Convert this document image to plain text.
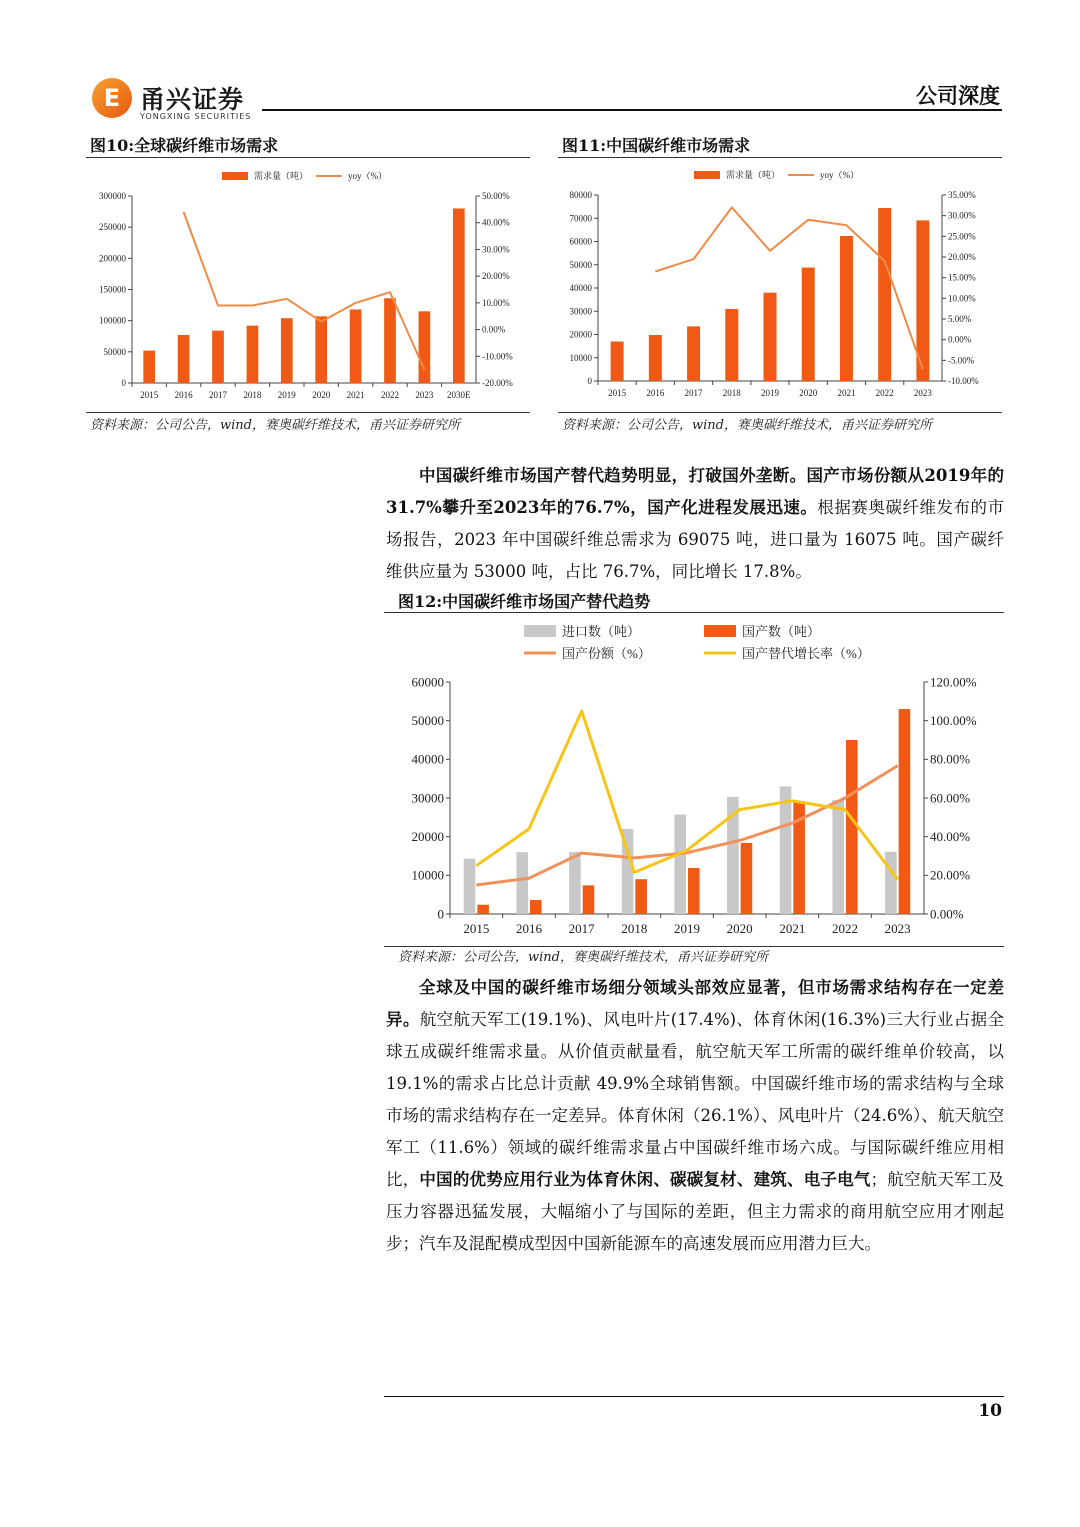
E 甬兴证券
YONGXING SECURITIES
公司深度
图10:全球碳纤维市场需求
0
50000
100000
150000
200000
250000
300000
-20.00%
-10.00%
0.00%
10.00%
20.00%
30.00%
40.00%
50.00%
2015 2016 2017 2018 2019 2020 2021 2022 2023 2030E
需求量（吨）	yoy（%）
资料来源：公司公告，wind，赛奥碳纤维技术，甬兴证券研究所
图11:中国碳纤维市场需求
0
10000
20000
30000
40000
50000
60000
70000
80000
-10.00%
-5.00%
0.00%
5.00%
10.00%
15.00%
20.00%
25.00%
30.00%
35.00%
2015 2016 2017 2018 2019 2020 2021 2022 2023
需求量（吨）	yoy（%）
资料来源：公司公告，wind，赛奥碳纤维技术，甬兴证券研究所
中国碳纤维市场国产替代趋势明显，打破国外垄断。国产市场份额从2019年的31.7%攀升至2023年的76.7%，国产化进程发展迅速。根据赛奥碳纤维发布的市场报告，2023 年中国碳纤维总需求为 69075 吨，进口量为 16075 吨。国产碳纤维供应量为 53000 吨，占比 76.7%，同比增长 17.8%。
图12:中国碳纤维市场国产替代趋势
0
10000
20000
30000
40000
50000
60000
0.00%
20.00%
40.00%
60.00%
80.00%
100.00%
120.00%
2015 2016 2017 2018 2019 2020 2021 2022 2023
进口数（吨）	国产数（吨）
国产份额（%）	国产替代增长率（%）
资料来源：公司公告，wind，赛奥碳纤维技术，甬兴证券研究所
全球及中国的碳纤维市场细分领域头部效应显著，但市场需求结构存在一定差异。航空航天军工(19.1%)、风电叶片(17.4%)、体育休闲(16.3%)三大行业占据全球五成碳纤维需求量。从价值贡献量看，航空航天军工所需的碳纤维单价较高，以 19.1%的需求占比总计贡献 49.9%全球销售额。中国碳纤维市场的需求结构与全球市场的需求结构存在一定差异。体育休闲（26.1%）、风电叶片（24.6%）、航天航空军工（11.6%）领域的碳纤维需求量占中国碳纤维市场六成。与国际碳纤维应用相比，中国的优势应用行业为体育休闲、碳碳复材、建筑、电子电气；航空航天军工及压力容器迅猛发展，大幅缩小了与国际的差距，但主力需求的商用航空应用才刚起步；汽车及混配模成型因中国新能源车的高速发展而应用潜力巨大。
10
